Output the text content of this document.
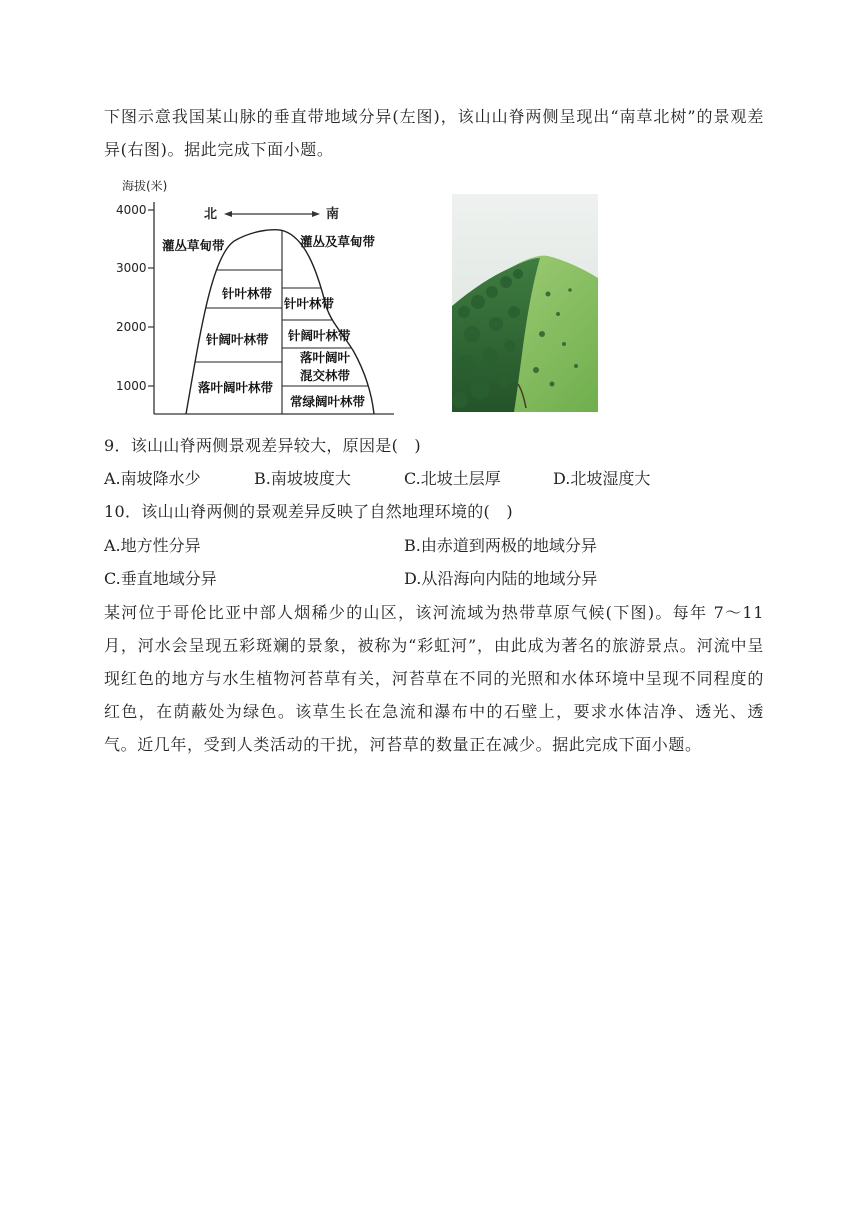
下图示意我国某山脉的垂直带地域分异(左图)，该山山脊两侧呈现出“南草北树”的景观差异(右图)。据此完成下面小题。

海拔(米)
4000
3000
2000
1000
北	南
灌丛草甸带
针叶林带
针阔叶林带
落叶阔叶林带
灌丛及草甸带
针叶林带
针阔叶林带
落叶阔叶
混交林带
常绿阔叶林带
9．该山山脊两侧景观差异较大，原因是(　)
A.南坡降水少	B.南坡坡度大	C.北坡土层厚	D.北坡湿度大
10．该山山脊两侧的景观差异反映了自然地理环境的(　)
A.地方性分异	B.由赤道到两极的地域分异
C.垂直地域分异	D.从沿海向内陆的地域分异

某河位于哥伦比亚中部人烟稀少的山区，该河流域为热带草原气候(下图)。每年 7～11月，河水会呈现五彩斑斓的景象，被称为“彩虹河”，由此成为著名的旅游景点。河流中呈现红色的地方与水生植物河苔草有关，河苔草在不同的光照和水体环境中呈现不同程度的红色，在荫蔽处为绿色。该草生长在急流和瀑布中的石壁上，要求水体洁净、透光、透气。近几年，受到人类活动的干扰，河苔草的数量正在减少。据此完成下面小题。
